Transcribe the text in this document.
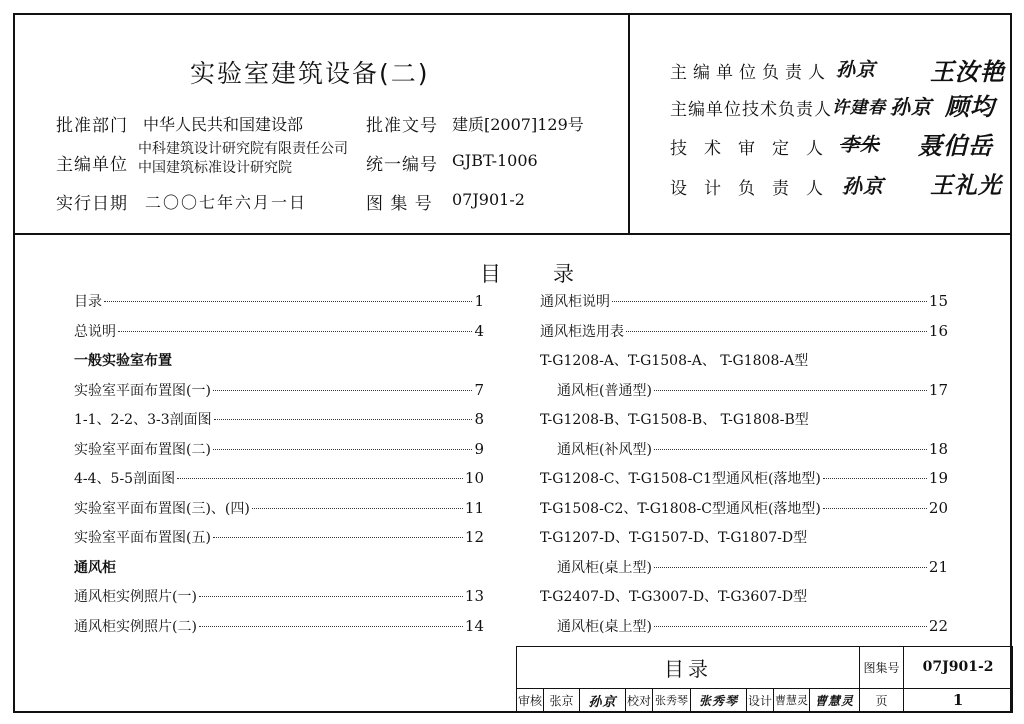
实验室建筑设备(二)
批准部门 中华人民共和国建设部
主编单位
中科建筑设计研究院有限责任公司
中国建筑标准设计研究院
实行日期 二〇〇七年六月一日
批准文号 建质[2007]129号
统一编号 GJBT-1006
图 集 号 07J901-2
主编单位负责人 孙京 王汝艳
主编单位技术负责人 许建春 孙京 顾均
技术审定人 李朱 聂伯岳
设计负责人 孙京 王礼光
目录
目录	1
总说明	4
一般实验室布置
实验室平面布置图(一)	7
1-1、2-2、3-3剖面图	8
实验室平面布置图(二)	9
4-4、5-5剖面图	10
实验室平面布置图(三)、(四)	11
实验室平面布置图(五)	12
通风柜
通风柜实例照片(一)	13
通风柜实例照片(二)	14
通风柜说明	15
通风柜选用表	16
T-G1208-A、T-G1508-A、 T-G1808-A型
通风柜(普通型)	17
T-G1208-B、T-G1508-B、 T-G1808-B型
通风柜(补风型)	18
T-G1208-C、T-G1508-C1型通风柜(落地型)	19
T-G1508-C2、T-G1808-C型通风柜(落地型)	20
T-G1207-D、T-G1507-D、T-G1807-D型
通风柜(桌上型)	21
T-G2407-D、T-G3007-D、T-G3607-D型
通风柜(桌上型)	22
目录									图集号	07J901-2
审核	张京	孙京	校对	张秀琴	张秀琴	设计	曹慧灵	曹慧灵	页	1
